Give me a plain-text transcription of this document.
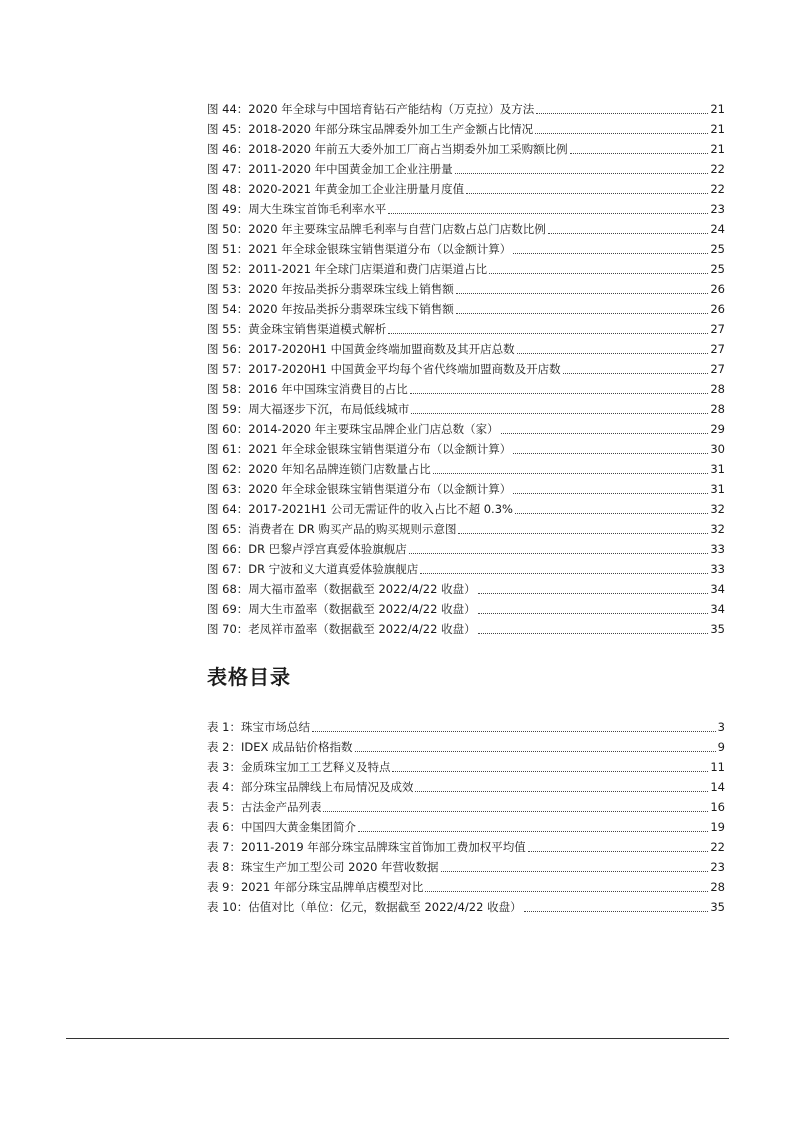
图 44：2020 年全球与中国培育钻石产能结构（万克拉）及方法	21
图 45：2018-2020 年部分珠宝品牌委外加工生产金额占比情况	21
图 46：2018-2020 年前五大委外加工厂商占当期委外加工采购额比例	21
图 47：2011-2020 年中国黄金加工企业注册量	22
图 48：2020-2021 年黄金加工企业注册量月度值	22
图 49：周大生珠宝首饰毛利率水平	23
图 50：2020 年主要珠宝品牌毛利率与自营门店数占总门店数比例	24
图 51：2021 年全球金银珠宝销售渠道分布（以金额计算）	25
图 52：2011-2021 年全球门店渠道和费门店渠道占比	25
图 53：2020 年按品类拆分翡翠珠宝线上销售额	26
图 54：2020 年按品类拆分翡翠珠宝线下销售额	26
图 55：黄金珠宝销售渠道模式解析	27
图 56：2017-2020H1 中国黄金终端加盟商数及其开店总数	27
图 57：2017-2020H1 中国黄金平均每个省代终端加盟商数及开店数	27
图 58：2016 年中国珠宝消费目的占比	28
图 59：周大福逐步下沉，布局低线城市	28
图 60：2014-2020 年主要珠宝品牌企业门店总数（家）	29
图 61：2021 年全球金银珠宝销售渠道分布（以金额计算）	30
图 62：2020 年知名品牌连锁门店数量占比	31
图 63：2020 年全球金银珠宝销售渠道分布（以金额计算）	31
图 64：2017-2021H1 公司无需证件的收入占比不超 0.3%	32
图 65：消费者在 DR 购买产品的购买规则示意图	32
图 66：DR 巴黎卢浮宫真爱体验旗舰店	33
图 67：DR 宁波和义大道真爱体验旗舰店	33
图 68：周大福市盈率（数据截至 2022/4/22 收盘）	34
图 69：周大生市盈率（数据截至 2022/4/22 收盘）	34
图 70：老凤祥市盈率（数据截至 2022/4/22 收盘）	35
表格目录
表 1：珠宝市场总结	3
表 2：IDEX 成品钻价格指数	9
表 3：金质珠宝加工工艺释义及特点	11
表 4：部分珠宝品牌线上布局情况及成效	14
表 5：古法金产品列表	16
表 6：中国四大黄金集团简介	19
表 7：2011-2019 年部分珠宝品牌珠宝首饰加工费加权平均值	22
表 8：珠宝生产加工型公司 2020 年营收数据	23
表 9：2021 年部分珠宝品牌单店模型对比	28
表 10：估值对比（单位：亿元，数据截至 2022/4/22 收盘）	35
